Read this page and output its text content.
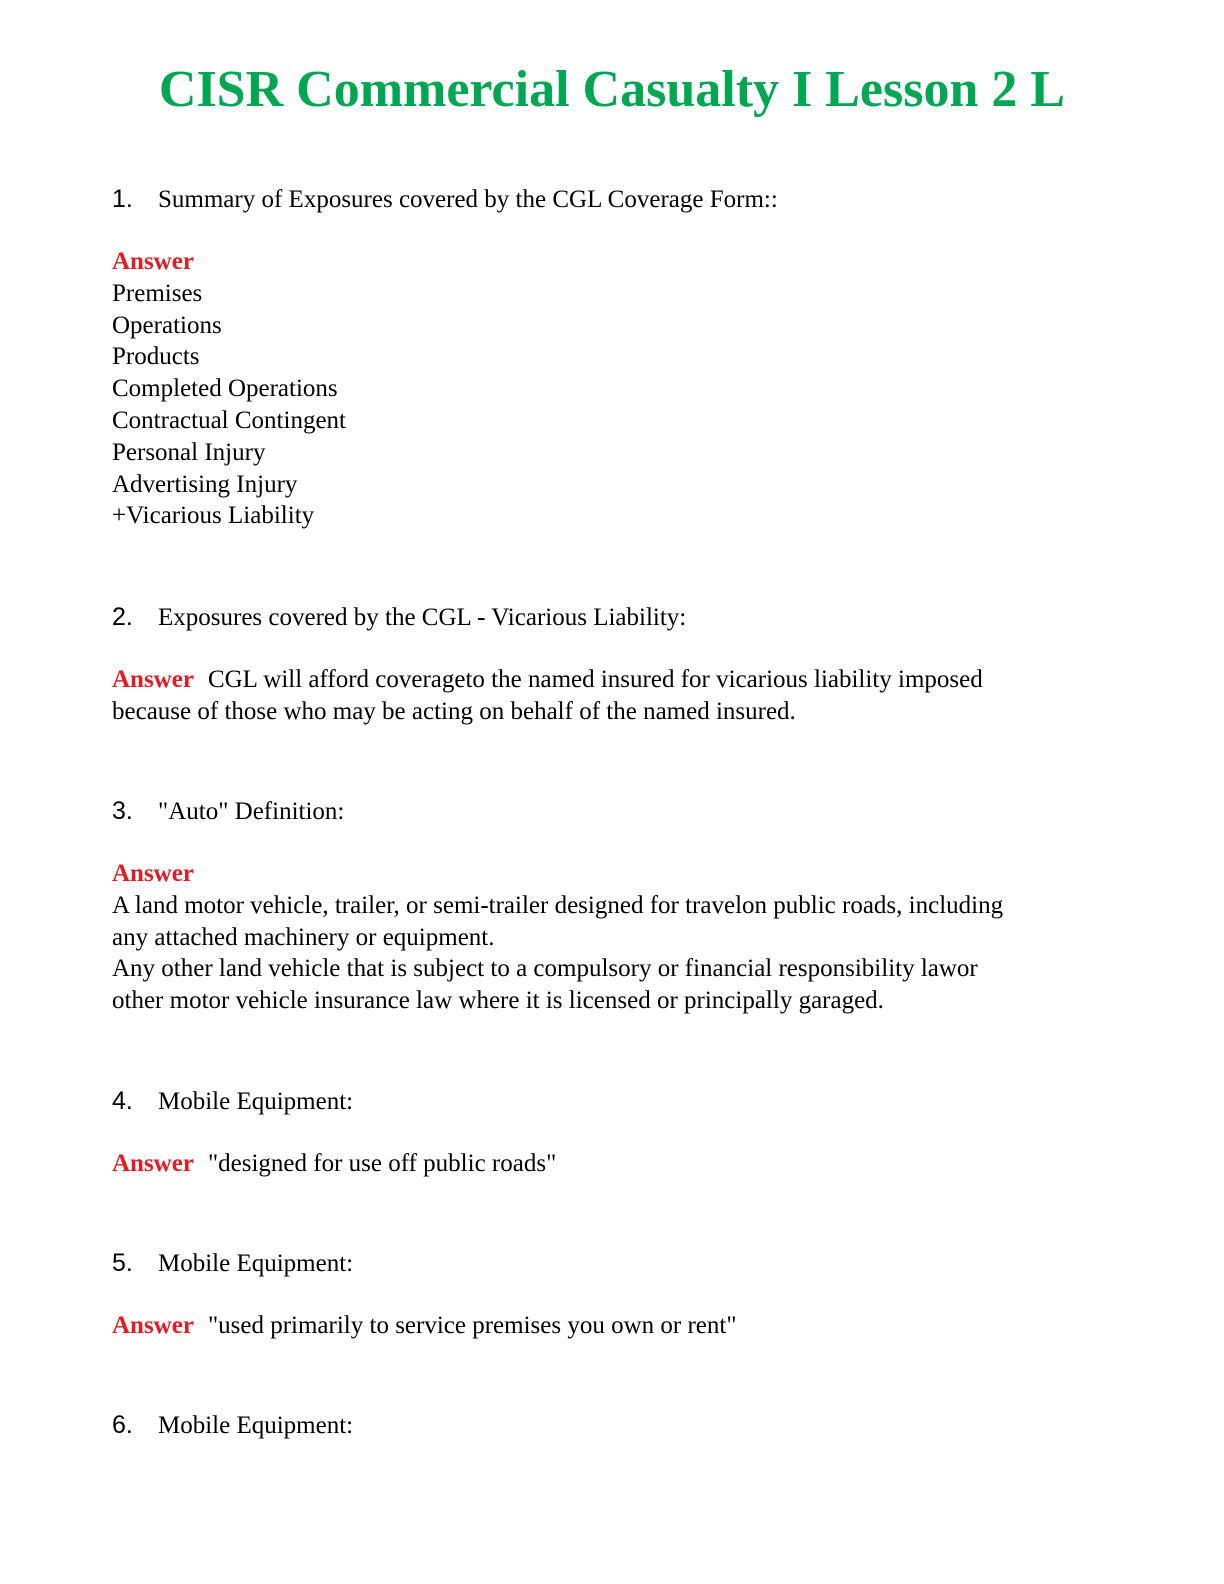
CISR Commercial Casualty I Lesson 2 L
1. Summary of Exposures covered by the CGL Coverage Form::
Answer
Premises
Operations
Products
Completed Operations
Contractual Contingent
Personal Injury
Advertising Injury
+Vicarious Liability
2. Exposures covered by the CGL - Vicarious Liability:
Answer CGL will afford coverageto the named insured for vicarious liability imposed
because of those who may be acting on behalf of the named insured.
3. "Auto" Definition:
Answer
A land motor vehicle, trailer, or semi-trailer designed for travelon public roads, including
any attached machinery or equipment.
Any other land vehicle that is subject to a compulsory or financial responsibility lawor
other motor vehicle insurance law where it is licensed or principally garaged.
4. Mobile Equipment:
Answer "designed for use off public roads"
5. Mobile Equipment:
Answer "used primarily to service premises you own or rent"
6. Mobile Equipment:
